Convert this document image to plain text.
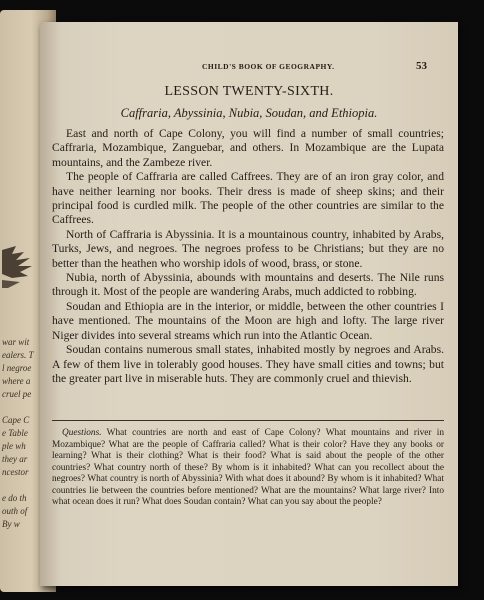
war wit
ealers. T
l negroe
where a
cruel pe
Cape C
e Table
ple wh
they ar
ncestor
e do th
outh of
By w
CHILD'S BOOK OF GEOGRAPHY.	53
LESSON TWENTY-SIXTH.
Caffraria, Abyssinia, Nubia, Soudan, and Ethiopia.

East and north of Cape Colony, you will find a number of small countries; Caffraria, Mozambique, Zanguebar, and others. In Mozambique are the Lupata mountains, and the Zambeze river.

The people of Caffraria are called Caffrees. They are of an iron gray color, and have neither learning nor books. Their dress is made of sheep skins; and their principal food is curdled milk. The people of the other countries are similar to the Caffrees.

North of Caffraria is Abyssinia. It is a mountainous country, inhabited by Arabs, Turks, Jews, and negroes. The negroes profess to be Christians; but they are no better than the heathen who worship idols of wood, brass, or stone.

Nubia, north of Abyssinia, abounds with mountains and deserts. The Nile runs through it. Most of the people are wandering Arabs, much addicted to robbing.

Soudan and Ethiopia are in the interior, or middle, between the other countries I have mentioned. The mountains of the Moon are high and lofty. The large river Niger divides into several streams which run into the Atlantic Ocean.

Soudan contains numerous small states, inhabited mostly by negroes and Arabs. A few of them live in tolerably good houses. They have small cities and towns; but the greater part live in miserable huts. They are commonly cruel and thievish.

Questions. What countries are north and east of Cape Colony? What mountains and river in Mozambique? What are the people of Caffraria called? What is their color? Have they any books or learning? What is their clothing? What is their food? What is said about the people of the other countries? What country north of these? By whom is it inhabited? What can you recollect about the negroes? What country is north of Abyssinia? With what does it abound? By whom is it inhabited? What countries lie between the countries before mentioned? What are the mountains? What large river? Into what ocean does it run? What does Soudan contain? What can you say about the people?
